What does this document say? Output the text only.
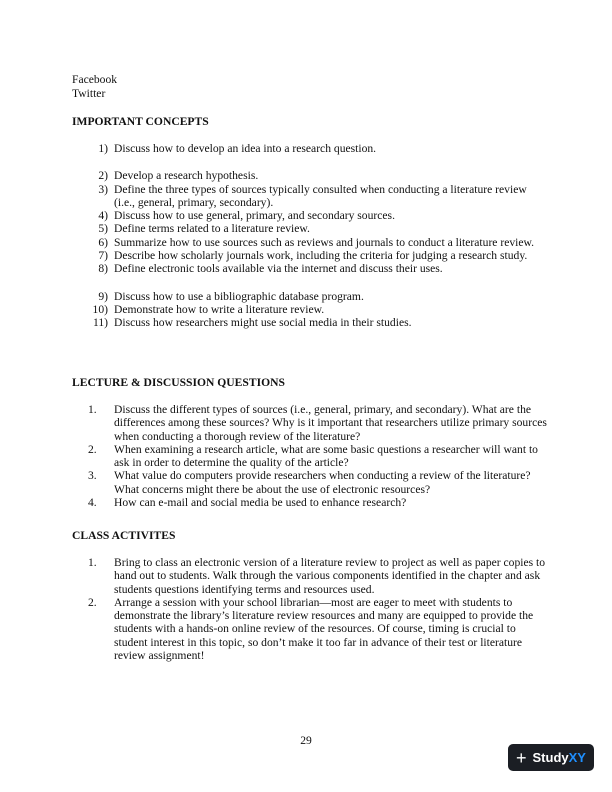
Facebook
Twitter
IMPORTANT CONCEPTS
1) Discuss how to develop an idea into a research question.
2) Develop a research hypothesis.
3) Define the three types of sources typically consulted when conducting a literature review (i.e., general, primary, secondary).
4) Discuss how to use general, primary, and secondary sources.
5) Define terms related to a literature review.
6) Summarize how to use sources such as reviews and journals to conduct a literature review.
7) Describe how scholarly journals work, including the criteria for judging a research study.
8) Define electronic tools available via the internet and discuss their uses.
9) Discuss how to use a bibliographic database program.
10) Demonstrate how to write a literature review.
11) Discuss how researchers might use social media in their studies.
LECTURE & DISCUSSION QUESTIONS
1.	Discuss the different types of sources (i.e., general, primary, and secondary). What are the differences among these sources? Why is it important that researchers utilize primary sources when conducting a thorough review of the literature?
2.	When examining a research article, what are some basic questions a researcher will want to ask in order to determine the quality of the article?
3.	What value do computers provide researchers when conducting a review of the literature? What concerns might there be about the use of electronic resources?
4.	How can e-mail and social media be used to enhance research?
CLASS ACTIVITES
1.	Bring to class an electronic version of a literature review to project as well as paper copies to hand out to students. Walk through the various components identified in the chapter and ask students questions identifying terms and resources used.
2.	Arrange a session with your school librarian—most are eager to meet with students to demonstrate the library’s literature review resources and many are equipped to provide the students with a hands-on online review of the resources. Of course, timing is crucial to student interest in this topic, so don’t make it too far in advance of their test or literature review assignment!
29
+ Study XY
